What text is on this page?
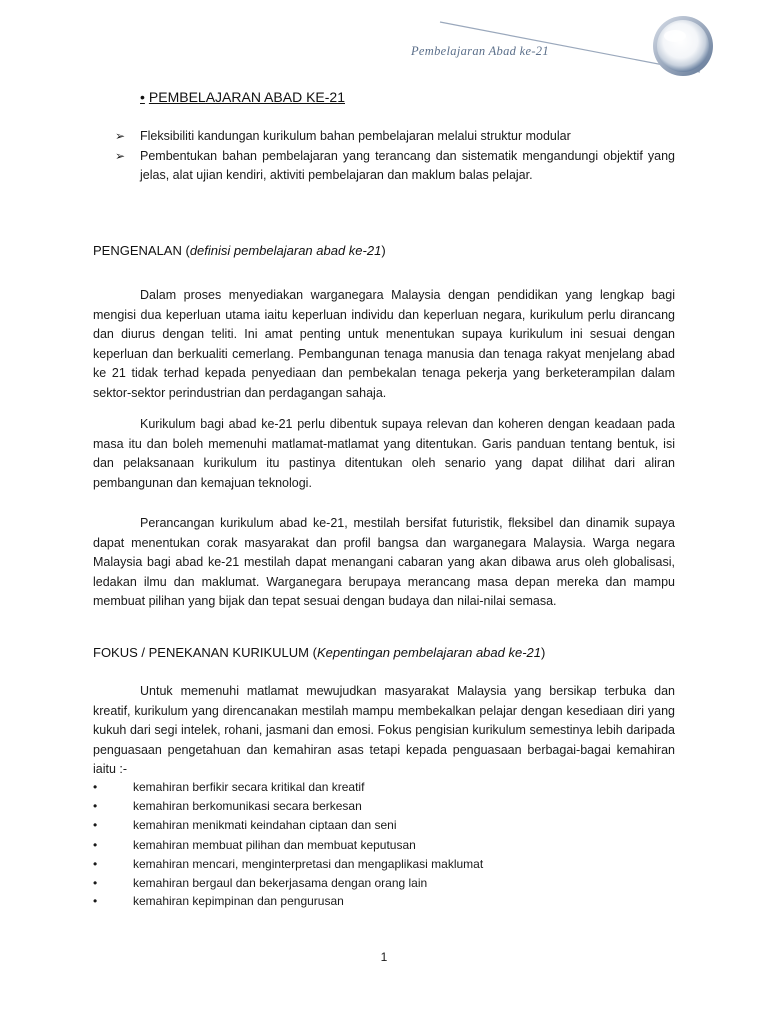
Pembelajaran Abad ke-21
• PEMBELAJARAN ABAD KE-21
➢ Fleksibiliti kandungan kurikulum bahan pembelajaran melalui struktur modular
➢ Pembentukan bahan pembelajaran yang terancang dan sistematik mengandungi objektif yang jelas, alat ujian kendiri, aktiviti pembelajaran dan maklum balas pelajar.
PENGENALAN (definisi pembelajaran abad ke-21)
Dalam proses menyediakan warganegara Malaysia dengan pendidikan yang lengkap bagi mengisi dua keperluan utama iaitu keperluan individu dan keperluan negara, kurikulum perlu dirancang dan diurus dengan teliti. Ini amat penting untuk menentukan supaya kurikulum ini sesuai dengan keperluan dan berkualiti cemerlang. Pembangunan tenaga manusia dan tenaga rakyat menjelang abad ke 21 tidak terhad kepada penyediaan dan pembekalan tenaga pekerja yang berketerampilan dalam sektor-sektor perindustrian dan perdagangan sahaja.
Kurikulum bagi abad ke-21 perlu dibentuk supaya relevan dan koheren dengan keadaan pada masa itu dan boleh memenuhi matlamat-matlamat yang ditentukan. Garis panduan tentang bentuk, isi dan pelaksanaan kurikulum itu pastinya ditentukan oleh senario yang dapat dilihat dari aliran pembangunan dan kemajuan teknologi.
Perancangan kurikulum abad ke-21, mestilah bersifat futuristik, fleksibel dan dinamik supaya dapat menentukan corak masyarakat dan profil bangsa dan warganegara Malaysia. Warga negara Malaysia bagi abad ke-21 mestilah dapat menangani cabaran yang akan dibawa arus oleh globalisasi, ledakan ilmu dan maklumat. Warganegara berupaya merancang masa depan mereka dan mampu membuat pilihan yang bijak dan tepat sesuai dengan budaya dan nilai-nilai semasa.
FOKUS / PENEKANAN KURIKULUM (Kepentingan pembelajaran abad ke-21)
Untuk memenuhi matlamat mewujudkan masyarakat Malaysia yang bersikap terbuka dan kreatif, kurikulum yang direncanakan mestilah mampu membekalkan pelajar dengan kesediaan diri yang kukuh dari segi intelek, rohani, jasmani dan emosi. Fokus pengisian kurikulum semestinya lebih daripada penguasaan pengetahuan dan kemahiran asas tetapi kepada penguasaan berbagai-bagai kemahiran iaitu :-
•	kemahiran berfikir secara kritikal dan kreatif
•	kemahiran berkomunikasi secara berkesan
•	kemahiran menikmati keindahan ciptaan dan seni
•	kemahiran membuat pilihan dan membuat keputusan
•	kemahiran mencari, menginterpretasi dan mengaplikasi maklumat
•	kemahiran bergaul dan bekerjasama dengan orang lain
•	kemahiran kepimpinan dan pengurusan
1
